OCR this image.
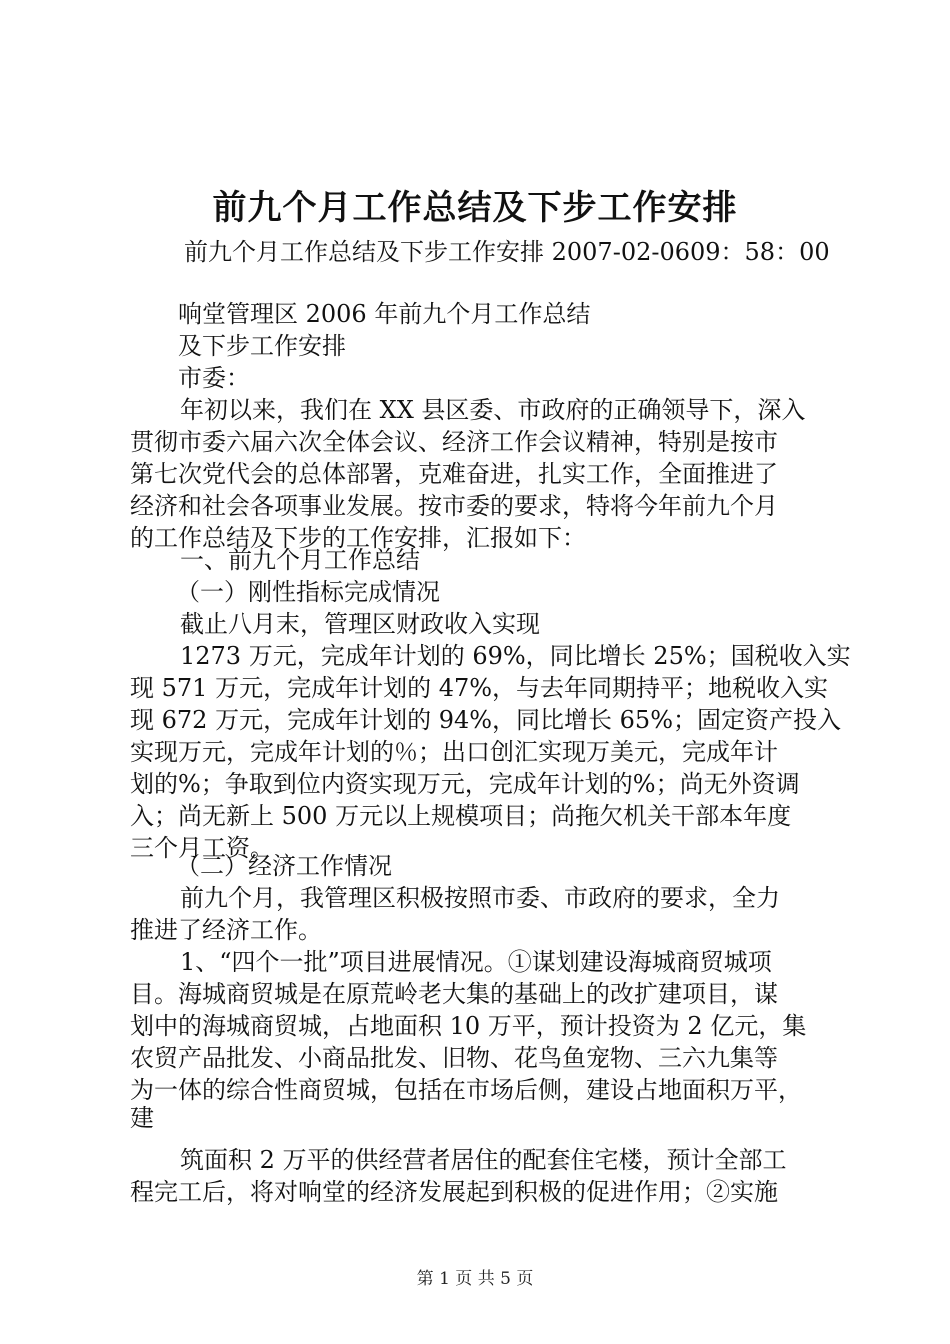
前九个月工作总结及下步工作安排
前九个月工作总结及下步工作安排 2007-02-0609：58：00
响堂管理区 2006 年前九个月工作总结
及下步工作安排
市委：
年初以来，我们在 XX 县区委、市政府的正确领导下，深入
贯彻市委六届六次全体会议、经济工作会议精神，特别是按市
第七次党代会的总体部署，克难奋进，扎实工作，全面推进了
经济和社会各项事业发展。按市委的要求，特将今年前九个月
的工作总结及下步的工作安排，汇报如下：
一、前九个月工作总结
（一）刚性指标完成情况
截止八月末，管理区财政收入实现
1273 万元，完成年计划的 69%，同比增长 25%；国税收入实
现 571 万元，完成年计划的 47%，与去年同期持平；地税收入实
现 672 万元，完成年计划的 94%，同比增长 65%；固定资产投入
实现万元，完成年计划的％；出口创汇实现万美元，完成年计
划的%；争取到位内资实现万元，完成年计划的%；尚无外资调
入；尚无新上 500 万元以上规模项目；尚拖欠机关干部本年度
三个月工资。
（二）经济工作情况
前九个月，我管理区积极按照市委、市政府的要求，全力
推进了经济工作。
1、“四个一批”项目进展情况。①谋划建设海城商贸城项
目。海城商贸城是在原荒岭老大集的基础上的改扩建项目，谋
划中的海城商贸城，占地面积 10 万平，预计投资为 2 亿元，集
农贸产品批发、小商品批发、旧物、花鸟鱼宠物、三六九集等
为一体的综合性商贸城，包括在市场后侧，建设占地面积万平，
建
筑面积 2 万平的供经营者居住的配套住宅楼，预计全部工
程完工后，将对响堂的经济发展起到积极的促进作用；②实施
第 1 页 共 5 页
